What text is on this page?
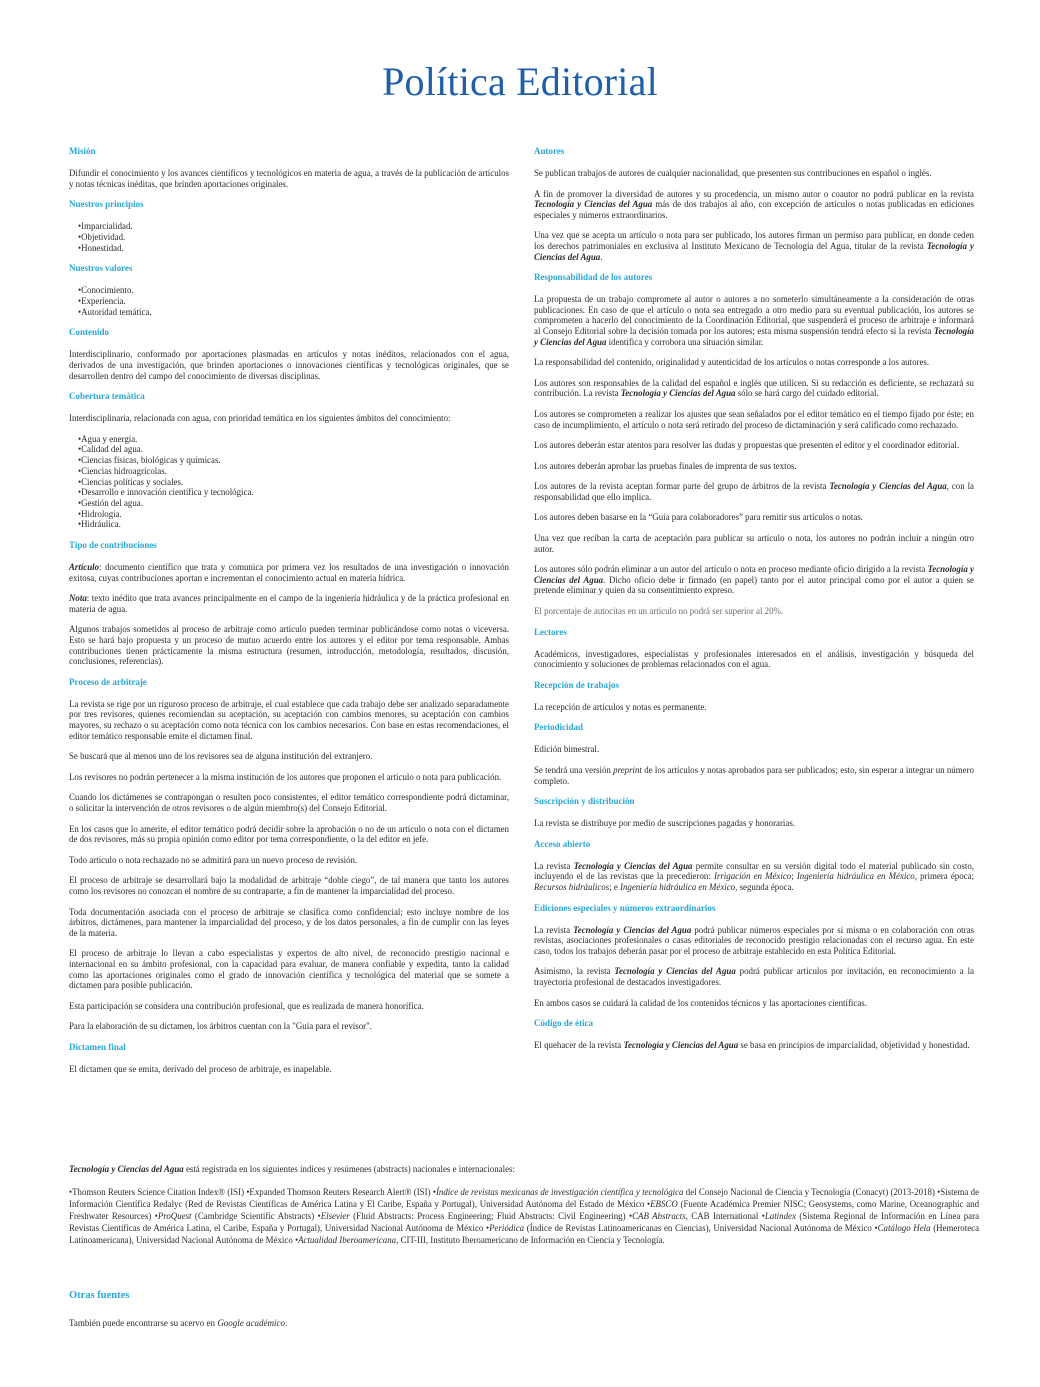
Política Editorial
Misión

Difundir el conocimiento y los avances científicos y tecnológicos en materia de agua, a través de la publicación de artículos y notas técnicas inéditas, que brinden aportaciones originales.

Nuestros principios
• Imparcialidad.
• Objetividad.
• Honestidad.
Nuestros valores
• Conocimiento.
• Experiencia.
• Autoridad temática.
Contenido

Interdisciplinario, conformado por aportaciones plasmadas en artículos y notas inéditos, relacionados con el agua, derivados de una investigación, que brinden aportaciones o innovaciones científicas y tecnológicas originales, que se desarrollen dentro del campo del conocimiento de diversas disciplinas.

Cobertura temática

Interdisciplinaria, relacionada con agua, con prioridad temática en los siguientes ámbitos del conocimiento:

• Agua y energía.
• Calidad del agua.
• Ciencias físicas, biológicas y químicas.
• Ciencias hidroagrícolas.
• Ciencias políticas y sociales.
• Desarrollo e innovación científica y tecnológica.
• Gestión del agua.
• Hidrología.
• Hidráulica.
Tipo de contribuciones

Artículo: documento científico que trata y comunica por primera vez los resultados de una investigación o innovación exitosa, cuyas contribuciones aportan e incrementan el conocimiento actual en materia hídrica.

Nota: texto inédito que trata avances principalmente en el campo de la ingeniería hidráulica y de la práctica profesional en materia de agua.

Algunos trabajos sometidos al proceso de arbitraje como artículo pueden terminar publicándose como notas o viceversa. Esto se hará bajo propuesta y un proceso de mutuo acuerdo entre los autores y el editor por tema responsable. Ambas contribuciones tienen prácticamente la misma estructura (resumen, introducción, metodología, resultados, discusión, conclusiones, referencias).

Proceso de arbitraje

La revista se rige por un riguroso proceso de arbitraje, el cual establece que cada trabajo debe ser analizado separadamente por tres revisores, quienes recomiendan su aceptación, su aceptación con cambios menores, su aceptación con cambios mayores, su rechazo o su aceptación como nota técnica con los cambios necesarios. Con base en estas recomendaciones, el editor temático responsable emite el dictamen final.

Se buscará que al menos uno de los revisores sea de alguna institución del extranjero.

Los revisores no podrán pertenecer a la misma institución de los autores que proponen el artículo o nota para publicación.

Cuando los dictámenes se contrapongan o resulten poco consistentes, el editor temático correspondiente podrá dictaminar, o solicitar la intervención de otros revisores o de algún miembro(s) del Consejo Editorial.

En los casos que lo amerite, el editor temático podrá decidir sobre la aprobación o no de un artículo o nota con el dictamen de dos revisores, más su propia opinión como editor por tema correspondiente, o la del editor en jefe.

Todo artículo o nota rechazado no se admitirá para un nuevo proceso de revisión.

El proceso de arbitraje se desarrollará bajo la modalidad de arbitraje “doble ciego”, de tal manera que tanto los autores como los revisores no conozcan el nombre de su contraparte, a fin de mantener la imparcialidad del proceso.

Toda documentación asociada con el proceso de arbitraje se clasifica como confidencial; esto incluye nombre de los árbitros, dictámenes, para mantener la imparcialidad del proceso, y de los datos personales, a fin de cumplir con las leyes de la materia.

El proceso de arbitraje lo llevan a cabo especialistas y expertos de alto nivel, de reconocido prestigio nacional e internacional en su ámbito profesional, con la capacidad para evaluar, de manera confiable y expedita, tanto la calidad como las aportaciones originales como el grado de innovación científica y tecnológica del material que se somete a dictamen para posible publicación.

Esta participación se considera una contribución profesional, que es realizada de manera honorífica.

Para la elaboración de su dictamen, los árbitros cuentan con la "Guía para el revisor".

Dictamen final

El dictamen que se emita, derivado del proceso de arbitraje, es inapelable.

Autores

Se publican trabajos de autores de cualquier nacionalidad, que presenten sus contribuciones en español o inglés.

A fin de promover la diversidad de autores y su procedencia, un mismo autor o coautor no podrá publicar en la revista Tecnología y Ciencias del Agua más de dos trabajos al año, con excepción de artículos o notas publicadas en ediciones especiales y números extraordinarios.

Una vez que se acepta un artículo o nota para ser publicado, los autores firman un permiso para publicar, en donde ceden los derechos patrimoniales en exclusiva al Instituto Mexicano de Tecnología del Agua, titular de la revista Tecnología y Ciencias del Agua.

Responsabilidad de los autores

La propuesta de un trabajo compromete al autor o autores a no someterlo simultáneamente a la consideración de otras publicaciones. En caso de que el artículo o nota sea entregado a otro medio para su eventual publicación, los autores se comprometen a hacerlo del conocimiento de la Coordinación Editorial, que suspenderá el proceso de arbitraje e informará al Consejo Editorial sobre la decisión tomada por los autores; esta misma suspensión tendrá efecto si la revista Tecnología y Ciencias del Agua identifica y corrobora una situación similar.

La responsabilidad del contenido, originalidad y autenticidad de los artículos o notas corresponde a los autores.

Los autores son responsables de la calidad del español e inglés que utilicen. Si su redacción es deficiente, se rechazará su contribución. La revista Tecnología y Ciencias del Agua sólo se hará cargo del cuidado editorial.

Los autores se comprometen a realizar los ajustes que sean señalados por el editor temático en el tiempo fijado por éste; en caso de incumplimiento, el artículo o nota será retirado del proceso de dictaminación y será calificado como rechazado.

Los autores deberán estar atentos para resolver las dudas y propuestas que presenten el editor y el coordinador editorial.

Los autores deberán aprobar las pruebas finales de imprenta de sus textos.

Los autores de la revista aceptan formar parte del grupo de árbitros de la revista Tecnología y Ciencias del Agua, con la responsabilidad que ello implica.

Los autores deben basarse en la “Guía para colaboradores” para remitir sus artículos o notas.

Una vez que reciban la carta de aceptación para publicar su artículo o nota, los autores no podrán incluir a ningún otro autor.

Los autores sólo podrán eliminar a un autor del artículo o nota en proceso mediante oficio dirigido a la revista Tecnología y Ciencias del Agua. Dicho oficio debe ir firmado (en papel) tanto por el autor principal como por el autor a quien se pretende eliminar y quien da su consentimiento expreso.

El porcentaje de autocitas en un artículo no podrá ser superior al 20%.

Lectores

Académicos, investigadores, especialistas y profesionales interesados en el análisis, investigación y búsqueda del conocimiento y soluciones de problemas relacionados con el agua.

Recepción de trabajos

La recepción de artículos y notas es permanente.

Periodicidad

Edición bimestral.

Se tendrá una versión preprint de los artículos y notas aprobados para ser publicados; esto, sin esperar a integrar un número completo.

Suscripción y distribución

La revista se distribuye por medio de suscripciones pagadas y honorarias.

Acceso abierto

La revista Tecnología y Ciencias del Agua permite consultar en su versión digital todo el material publicado sin costo, incluyendo el de las revistas que la precedieron: Irrigación en México; Ingeniería hidráulica en México, primera época; Recursos hidráulicos; e Ingeniería hidráulica en México, segunda época.

Ediciones especiales y números extraordinarios

La revista Tecnología y Ciencias del Agua podrá publicar números especiales por sí misma o en colaboración con otras revistas, asociaciones profesionales o casas editoriales de reconocido prestigio relacionadas con el recurso agua. En este caso, todos los trabajos deberán pasar por el proceso de arbitraje establecido en esta Política Editorial.

Asimismo, la revista Tecnología y Ciencias del Agua podrá publicar artículos por invitación, en reconocimiento a la trayectoria profesional de destacados investigadores.

En ambos casos se cuidará la calidad de los contenidos técnicos y las aportaciones científicas.

Código de ética

El quehacer de la revista Tecnología y Ciencias del Agua se basa en principios de imparcialidad, objetividad y honestidad.

Tecnología y Ciencias del Agua está registrada en los siguientes índices y resúmenes (abstracts) nacionales e internacionales:

• Thomson Reuters Science Citation Index® (ISI) • Expanded Thomson Reuters Research Alert® (ISI) • Índice de revistas mexicanas de investigación científica y tecnológica del Consejo Nacional de Ciencia y Tecnología (Conacyt) (2013-2018) • Sistema de Información Científica Redalyc (Red de Revistas Científicas de América Latina y El Caribe, España y Portugal), Universidad Autónoma del Estado de México • EBSCO (Fuente Académica Premier NISC; Geosystems, como Marine, Oceanographic and Freshwater Resources) • ProQuest (Cambridge Scientific Abstracts) • Elsevier (Fluid Abstracts: Process Engineering; Fluid Abstracts: Civil Engineering) • CAB Abstracts, CAB International • Latindex (Sistema Regional de Información en Línea para Revistas Científicas de América Latina, el Caribe, España y Portugal), Universidad Nacional Autónoma de México • Periódica (Índice de Revistas Latinoamericanas en Ciencias), Universidad Nacional Autónoma de México • Catálogo Hela (Hemeroteca Latinoamericana), Universidad Nacional Autónoma de México • Actualidad Iberoamericana, CIT-III, Instituto Iberoamericano de Información en Ciencia y Tecnología.

Otras fuentes

También puede encontrarse su acervo en Google académico.
